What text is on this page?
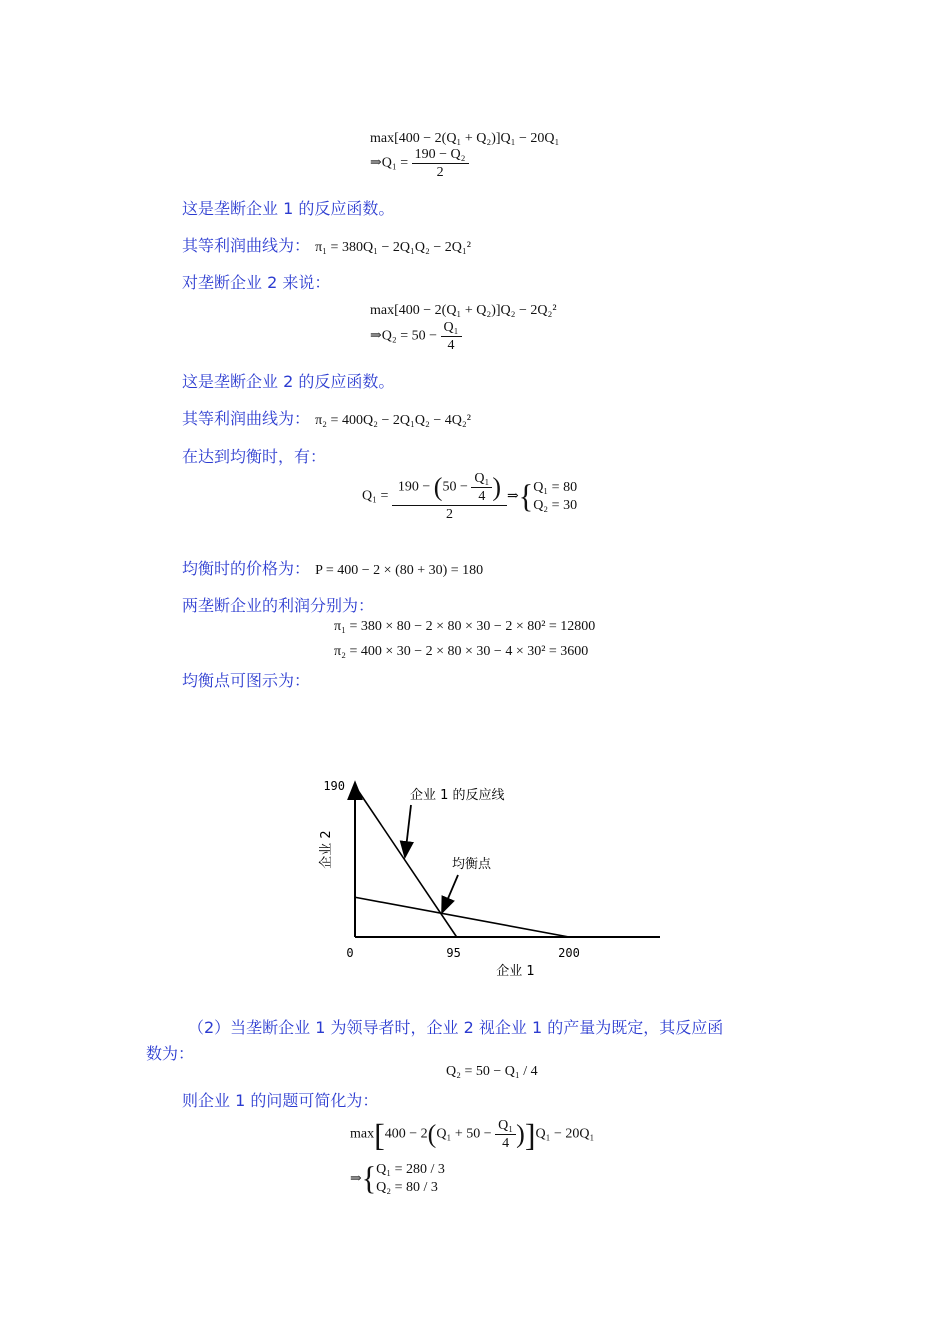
max[400 − 2(Q₁ + Q₂)]Q₁ − 20Q₁
⇒Q₁ = $\frac{\text{190 − Q₂}}{2}$
这是垄断企业 1 的反应函数。
其等利润曲线为： π₁ = 380Q₁ − 2Q₁Q₂ − 2Q₁²
对垄断企业 2 来说：
max[400 − 2(Q₁ + Q₂)]Q₂ − 2Q₂²
⇒Q₂ = $50 - \frac{\text{Q₁}}{4}$
这是垄断企业 2 的反应函数。
其等利润曲线为： π₂ = 400Q₂ − 2Q₁Q₂ − 4Q₂²
在达到均衡时，有：
$Q_1 = \frac{190 - (50 - \frac{\text{Q₁}}{4} )}{2}$ ⇒{ Q₁ = 80
Q₂ = 30
均衡时的价格为： P = 400 − 2 × (80 + 30) = 180
两垄断企业的利润分别为：
π₁ = 380 × 80 − 2 × 80 × 30 − 2 × 80² = 12800
π₂ = 400 × 30 − 2 × 80 × 30 − 4 × 30² = 3600
均衡点可图示为：
企业 1 的反应线
均衡点
0	95	200
190
企业 1
企业 2
（2）当垄断企业 1 为领导者时，企业 2 视企业 1 的产量为既定，其反应函
数为：
Q₂ = 50 − Q₁ / 4
则企业 1 的问题可简化为：
$\max[400 - 2(Q_1 + 50 - \frac{\text{Q₁}}{4} )]Q_1 - 20Q_1$
⇒{ Q₁ = 280 / 3
Q₂ = 80 / 3
